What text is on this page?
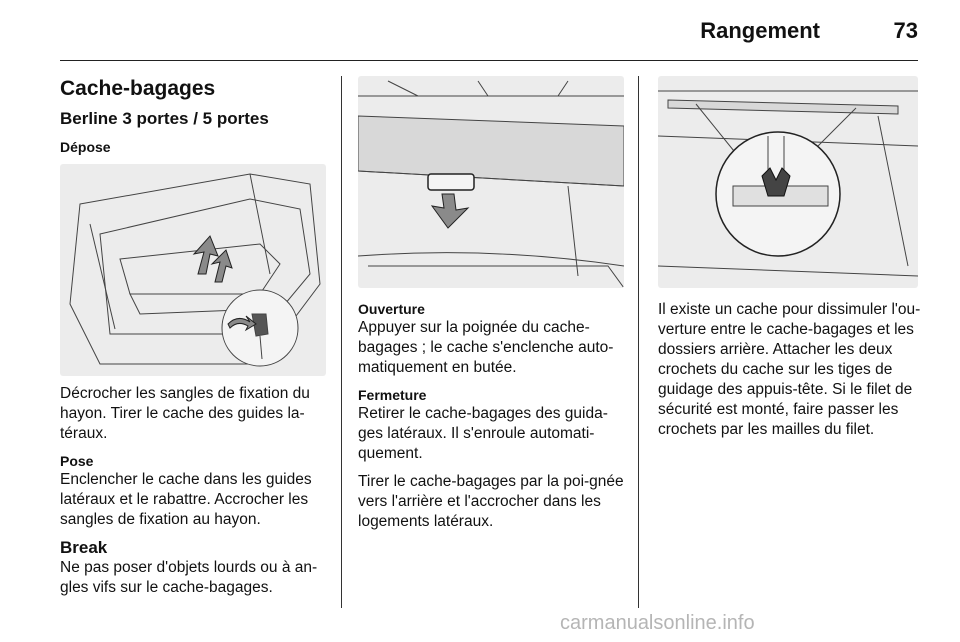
Rangement	73
Cache-bagages
Berline 3 portes / 5 portes
Dépose

Décrocher les sangles de fixation du hayon. Tirer le cache des guides la-téraux.

Pose

Enclencher le cache dans les guides latéraux et le rabattre. Accrocher les sangles de fixation au hayon.

Break

Ne pas poser d'objets lourds ou à an-gles vifs sur le cache-bagages.

Ouverture

Appuyer sur la poignée du cache-bagages ; le cache s'enclenche auto-matiquement en butée.

Fermeture

Retirer le cache-bagages des guida-ges latéraux. Il s'enroule automati-quement.

Tirer le cache-bagages par la poi-gnée vers l'arrière et l'accrocher dans les logements latéraux.

Il existe un cache pour dissimuler l'ou-verture entre le cache-bagages et les dossiers arrière. Attacher les deux crochets du cache sur les tiges de guidage des appuis-tête. Si le filet de sécurité est monté, faire passer les crochets par les mailles du filet.

carmanualsonline.info
